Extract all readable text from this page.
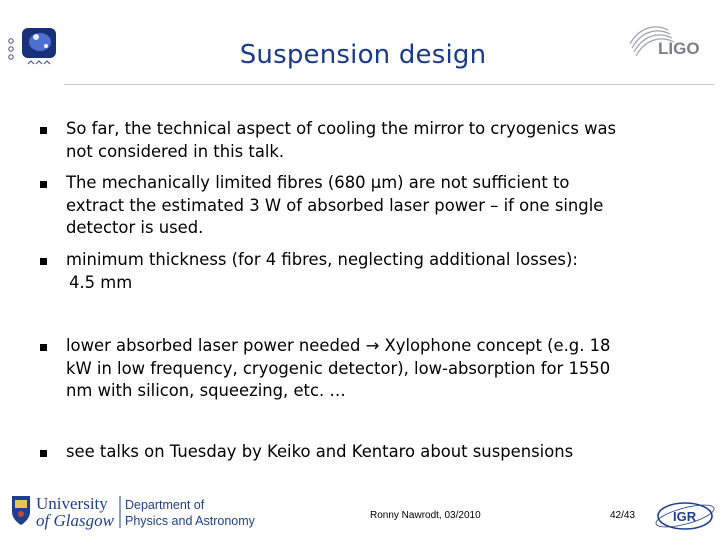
Suspension design	LIGO
So far, the technical aspect of cooling the mirror to cryogenics was
not considered in this talk.
The mechanically limited fibres (680 µm) are not sufficient to
extract the estimated 3 W of absorbed laser power – if one single
detector is used.
minimum thickness (for 4 fibres, neglecting additional losses):
4.5 mm
lower absorbed laser power needed → Xylophone concept (e.g. 18
kW in low frequency, cryogenic detector), low-absorption for 1550
nm with silicon, squeezing, etc. …
see talks on Tuesday by Keiko and Kentaro about suspensions
University
of Glasgow
Department of
Physics and Astronomy	Ronny Nawrodt, 03/2010	42/43	IGR
